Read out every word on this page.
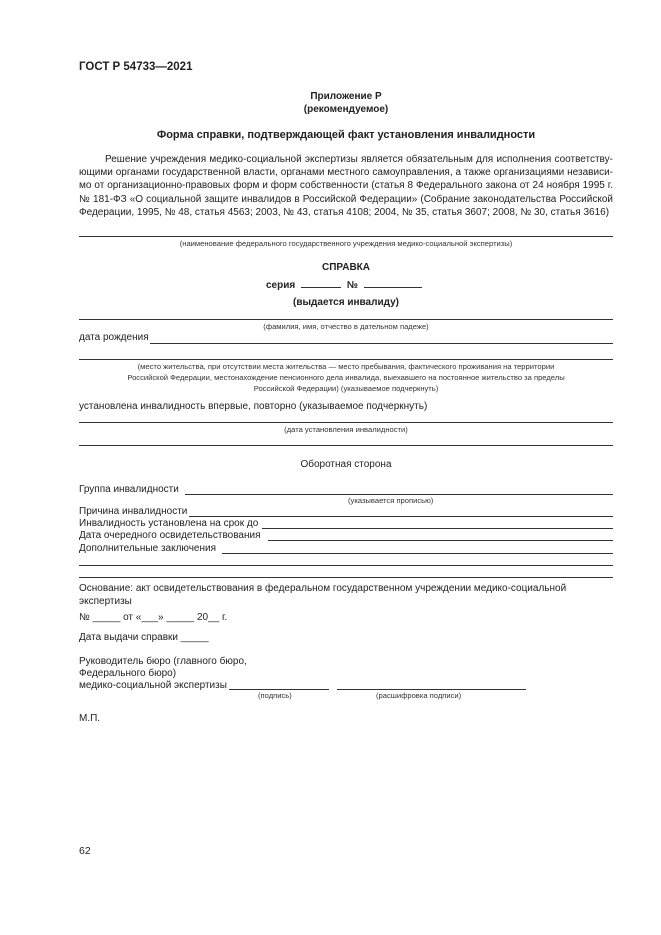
ГОСТ Р 54733—2021
Приложение Р
(рекомендуемое)
Форма справки, подтверждающей факт установления инвалидности
Решение учреждения медико-социальной экспертизы является обязательным для исполнения соответствующими органами государственной власти, органами местного самоуправления, а также организациями независимо от организационно-правовых форм и форм собственности (статья 8 Федерального закона от 24 ноября 1995 г. № 181-ФЗ «О социальной защите инвалидов в Российской Федерации» (Собрание законодательства Российской Федерации, 1995, № 48, статья 4563; 2003, № 43, статья 4108; 2004, № 35, статья 3607; 2008, № 30, статья 3616)
(наименование федерального государственного учреждения медико-социальной экспертизы)
СПРАВКА
серия	№
(выдается инвалиду)
(фамилия, имя, отчество в дательном падеже)
дата рождения
(место жительства, при отсутствии места жительства — место пребывания, фактического проживания на территории
Российской Федерации, местонахождение пенсионного дела инвалида, выехавшего на постоянное жительство за пределы
Российской Федерации) (указываемое подчеркнуть)
установлена инвалидность впервые, повторно (указываемое подчеркнуть)
(дата установления инвалидности)
Оборотная сторона
Группа инвалидности
(указывается прописью)
Причина инвалидности
Инвалидность установлена на срок до
Дата очередного освидетельствования
Дополнительные заключения
Основание: акт освидетельствования в федеральном государственном учреждении медико-социальной экспертизы
№ _____ от «___» _____ 20__ г.
Дата выдачи справки _____
Руководитель бюро (главного бюро,
Федерального бюро)
медико-социальной экспертизы
(подпись)	(расшифровка подписи)
М.П.
62
